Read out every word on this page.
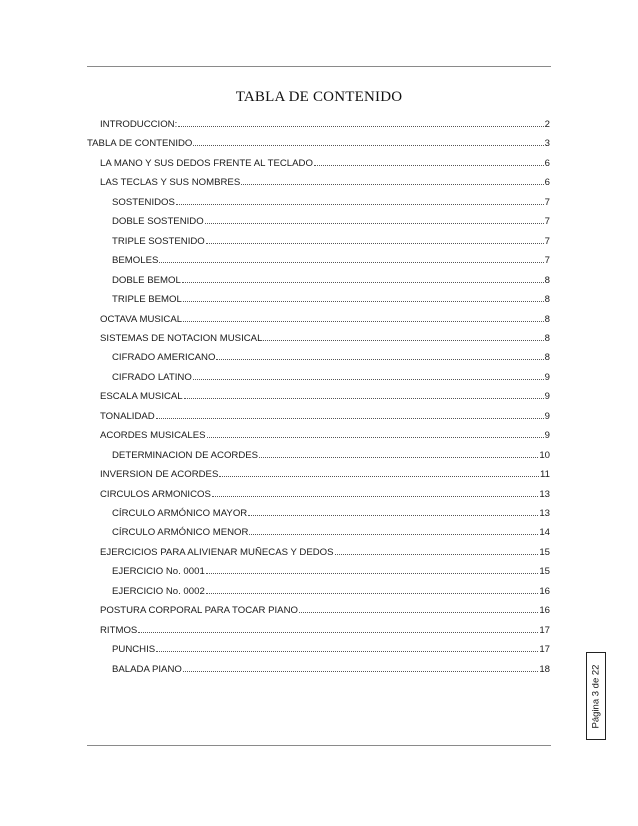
TABLA DE CONTENIDO
INTRODUCCION:	2
TABLA DE CONTENIDO	3
LA MANO Y SUS DEDOS FRENTE AL TECLADO	6
LAS TECLAS Y SUS NOMBRES	6
SOSTENIDOS	7
DOBLE SOSTENIDO	7
TRIPLE SOSTENIDO	7
BEMOLES	7
DOBLE BEMOL	8
TRIPLE BEMOL	8
OCTAVA MUSICAL	8
SISTEMAS DE NOTACION MUSICAL	8
CIFRADO AMERICANO	8
CIFRADO LATINO	9
ESCALA MUSICAL	9
TONALIDAD	9
ACORDES MUSICALES	9
DETERMINACION DE ACORDES	10
INVERSION DE ACORDES	11
CIRCULOS ARMONICOS	13
CÍRCULO ARMÓNICO MAYOR	13
CÍRCULO ARMÓNICO MENOR	14
EJERCICIOS PARA ALIVIENAR MUÑECAS Y DEDOS	15
EJERCICIO No. 0001	15
EJERCICIO No. 0002	16
POSTURA CORPORAL PARA TOCAR PIANO	16
RITMOS	17
PUNCHIS	17
BALADA PIANO	18	Página 3 de 22
